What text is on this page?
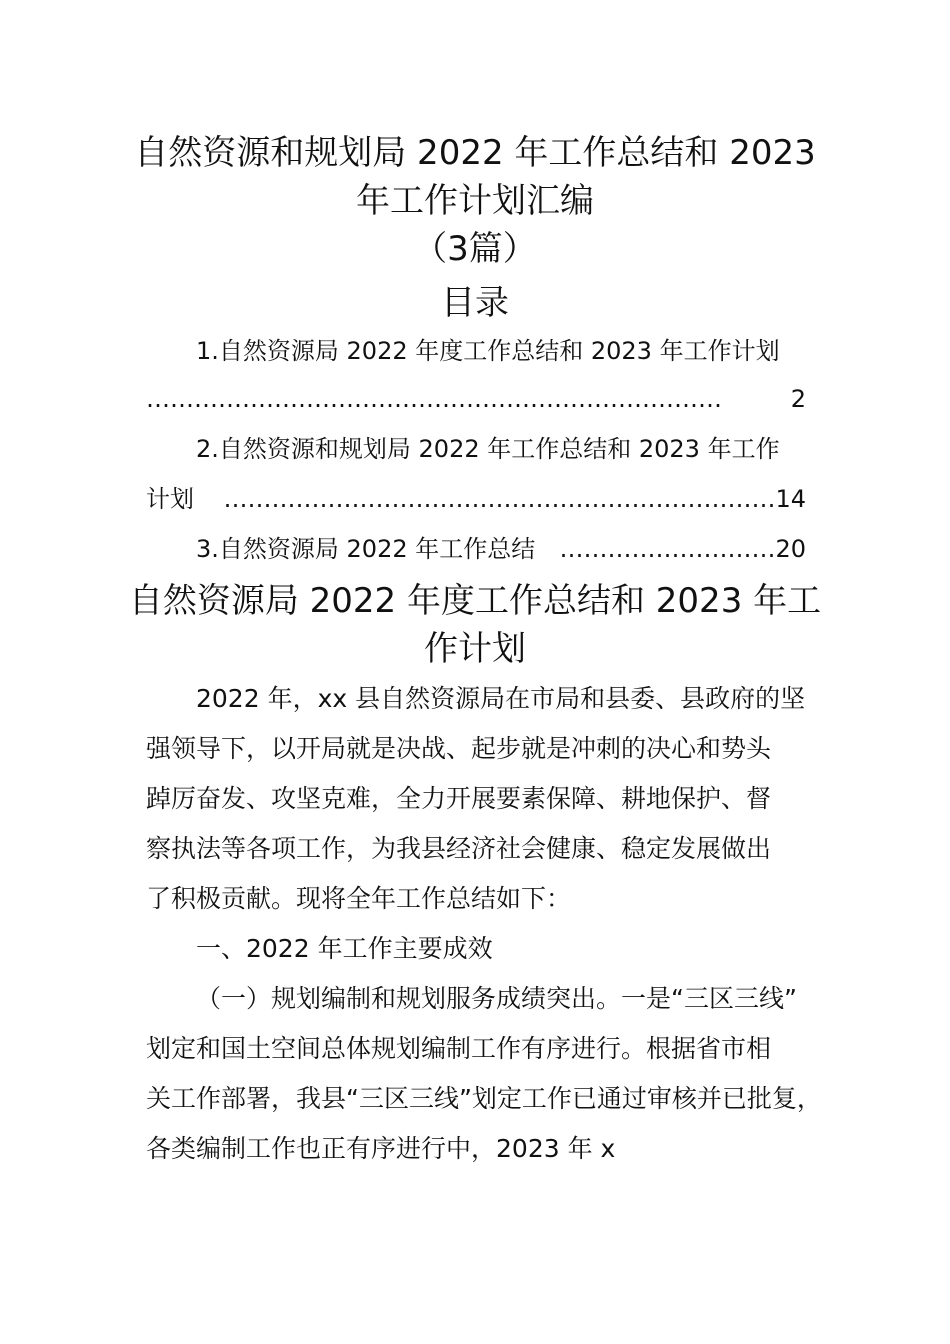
自然资源和规划局 2022 年工作总结和 2023
年工作计划汇编
（3篇）
目录
1.自然资源局 2022 年度工作总结和 2023 年工作计划
………………………………………………………………	2
2.自然资源和规划局 2022 年工作总结和 2023 年工作
计划	…………………………………………………………… 14
3.自然资源局 2022 年工作总结	……………………… 20
自然资源局 2022 年度工作总结和 2023 年工
作计划
2022 年，xx 县自然资源局在市局和县委、县政府的坚
强领导下，以开局就是决战、起步就是冲刺的决心和势头
踔厉奋发、攻坚克难，全力开展要素保障、耕地保护、督
察执法等各项工作，为我县经济社会健康、稳定发展做出
了积极贡献。现将全年工作总结如下：
一、2022 年工作主要成效
（一）规划编制和规划服务成绩突出。一是“三区三线”
划定和国土空间总体规划编制工作有序进行。根据省市相
关工作部署，我县“三区三线”划定工作已通过审核并已批复，
各类编制工作也正有序进行中，2023 年 x
